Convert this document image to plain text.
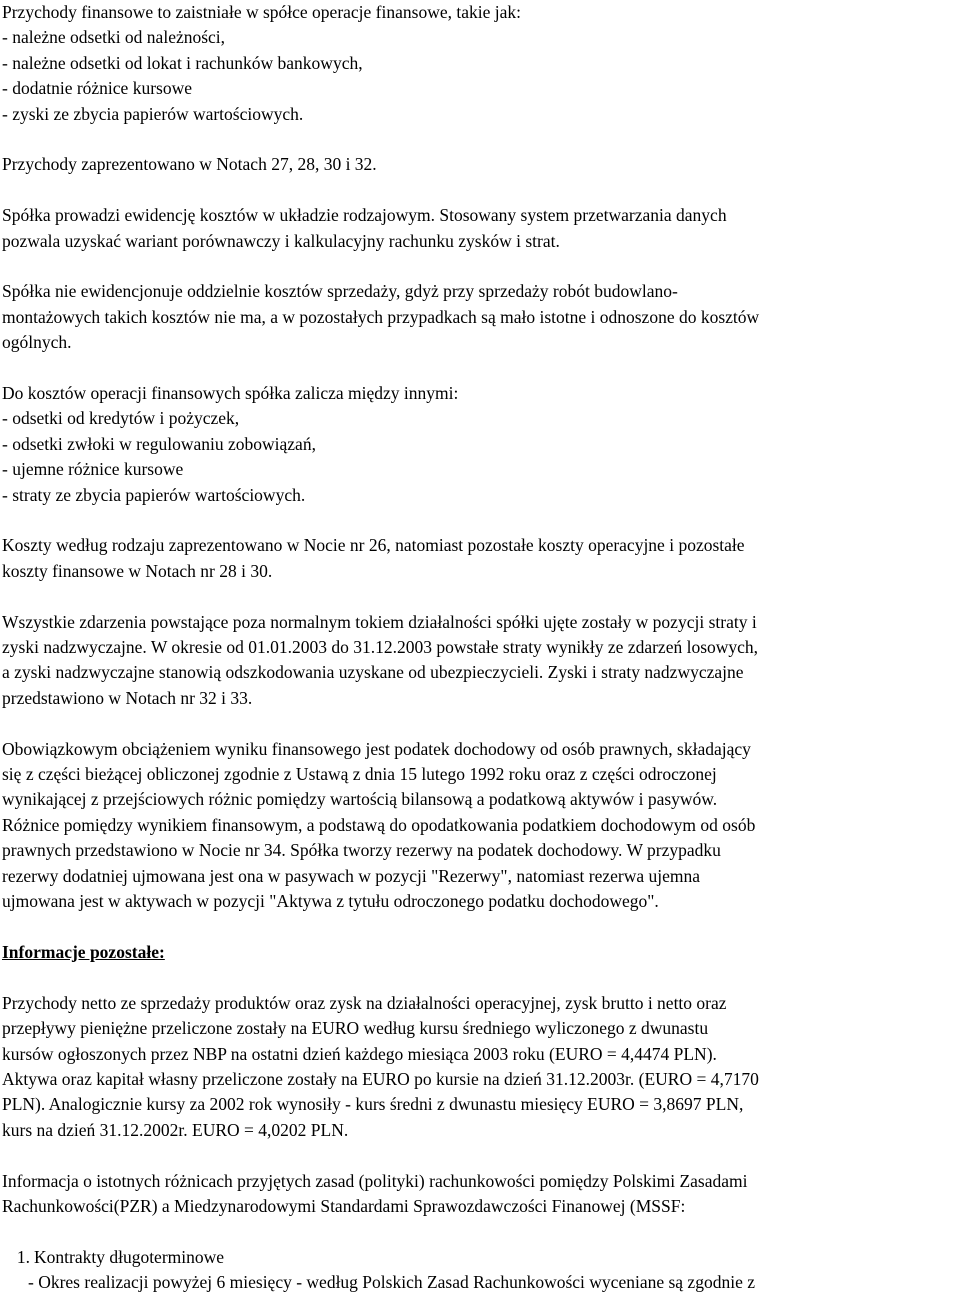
Przychody finansowe to zaistniałe w spółce operacje finansowe, takie jak:
- należne odsetki od należności,
- należne odsetki od lokat i rachunków bankowych,
- dodatnie różnice kursowe
- zyski ze zbycia papierów wartościowych.
Przychody zaprezentowano w Notach 27, 28, 30 i 32.
Spółka prowadzi ewidencję kosztów w układzie rodzajowym. Stosowany system przetwarzania danych
pozwala uzyskać wariant porównawczy i kalkulacyjny rachunku zysków i strat.
Spółka nie ewidencjonuje oddzielnie kosztów sprzedaży, gdyż przy sprzedaży robót budowlano-
montażowych takich kosztów nie ma, a w pozostałych przypadkach są mało istotne i odnoszone do kosztów
ogólnych.
Do kosztów operacji finansowych spółka zalicza między innymi:
- odsetki od kredytów i pożyczek,
- odsetki zwłoki w regulowaniu zobowiązań,
- ujemne różnice kursowe
- straty ze zbycia papierów wartościowych.
Koszty według rodzaju zaprezentowano w Nocie nr 26, natomiast pozostałe koszty operacyjne i pozostałe
koszty finansowe w Notach nr 28 i 30.
Wszystkie zdarzenia powstające poza normalnym tokiem działalności spółki ujęte zostały w pozycji straty i
zyski nadzwyczajne. W okresie od 01.01.2003 do 31.12.2003 powstałe straty wynikły ze zdarzeń losowych,
a zyski nadzwyczajne stanowią odszkodowania uzyskane od ubezpieczycieli. Zyski i straty nadzwyczajne
przedstawiono w Notach nr 32 i 33.
Obowiązkowym obciążeniem wyniku finansowego jest podatek dochodowy od osób prawnych, składający
się z części bieżącej obliczonej zgodnie z Ustawą z dnia 15 lutego 1992 roku oraz z części odroczonej
wynikającej z przejściowych różnic pomiędzy wartością bilansową a podatkową aktywów i pasywów.
Różnice pomiędzy wynikiem finansowym, a podstawą do opodatkowania podatkiem dochodowym od osób
prawnych przedstawiono w Nocie nr 34. Spółka tworzy rezerwy na podatek dochodowy. W przypadku
rezerwy dodatniej ujmowana jest ona w pasywach w pozycji "Rezerwy", natomiast rezerwa ujemna
ujmowana jest w aktywach w pozycji "Aktywa z tytułu odroczonego podatku dochodowego".
Informacje pozostałe:
Przychody netto ze sprzedaży produktów oraz zysk na działalności operacyjnej, zysk brutto i netto oraz
przepływy pieniężne przeliczone zostały na EURO według kursu średniego wyliczonego z dwunastu
kursów ogłoszonych przez NBP na ostatni dzień każdego miesiąca 2003 roku (EURO = 4,4474 PLN).
Aktywa oraz kapitał własny przeliczone zostały na EURO po kursie na dzień 31.12.2003r. (EURO = 4,7170
PLN). Analogicznie kursy za 2002 rok wynosiły - kurs średni z dwunastu miesięcy EURO = 3,8697 PLN,
kurs na dzień 31.12.2002r. EURO = 4,0202 PLN.
Informacja o istotnych różnicach przyjętych zasad (polityki) rachunkowości pomiędzy Polskimi Zasadami
Rachunkowości(PZR) a Miedzynarodowymi Standardami Sprawozdawczości Finanowej (MSSF:
1. Kontrakty długoterminowe
- Okres realizacji powyżej 6 miesięcy - według Polskich Zasad Rachunkowości wyceniane są zgodnie z
